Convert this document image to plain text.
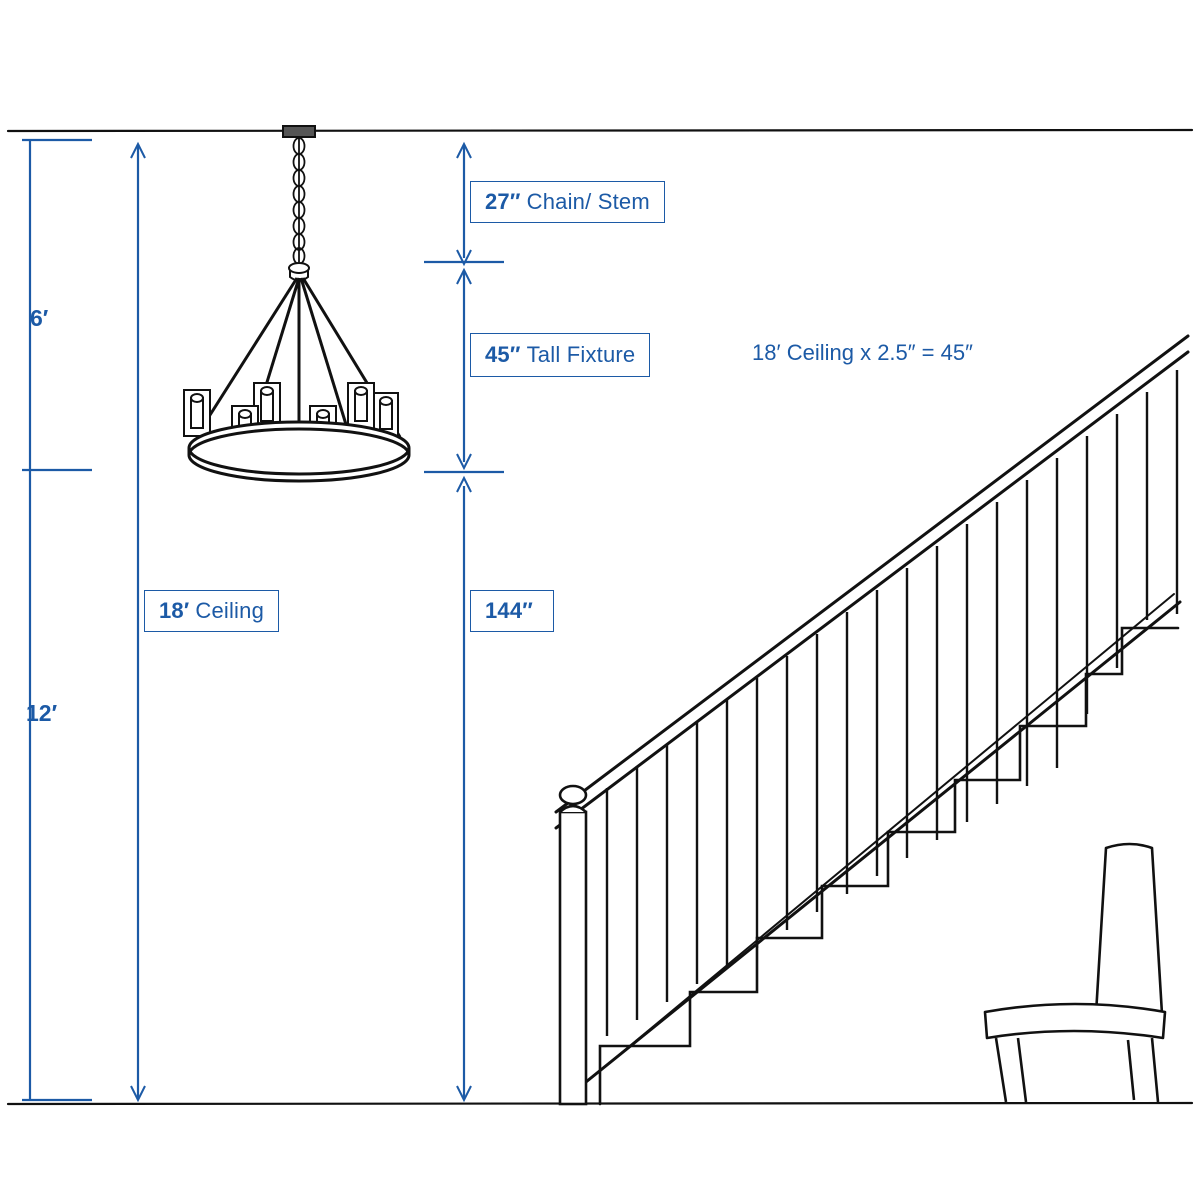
6′
12′
27″ Chain/ Stem
45″ Tall Fixture	18′ Ceiling x 2.5″ = 45″
18′ Ceiling	144″
